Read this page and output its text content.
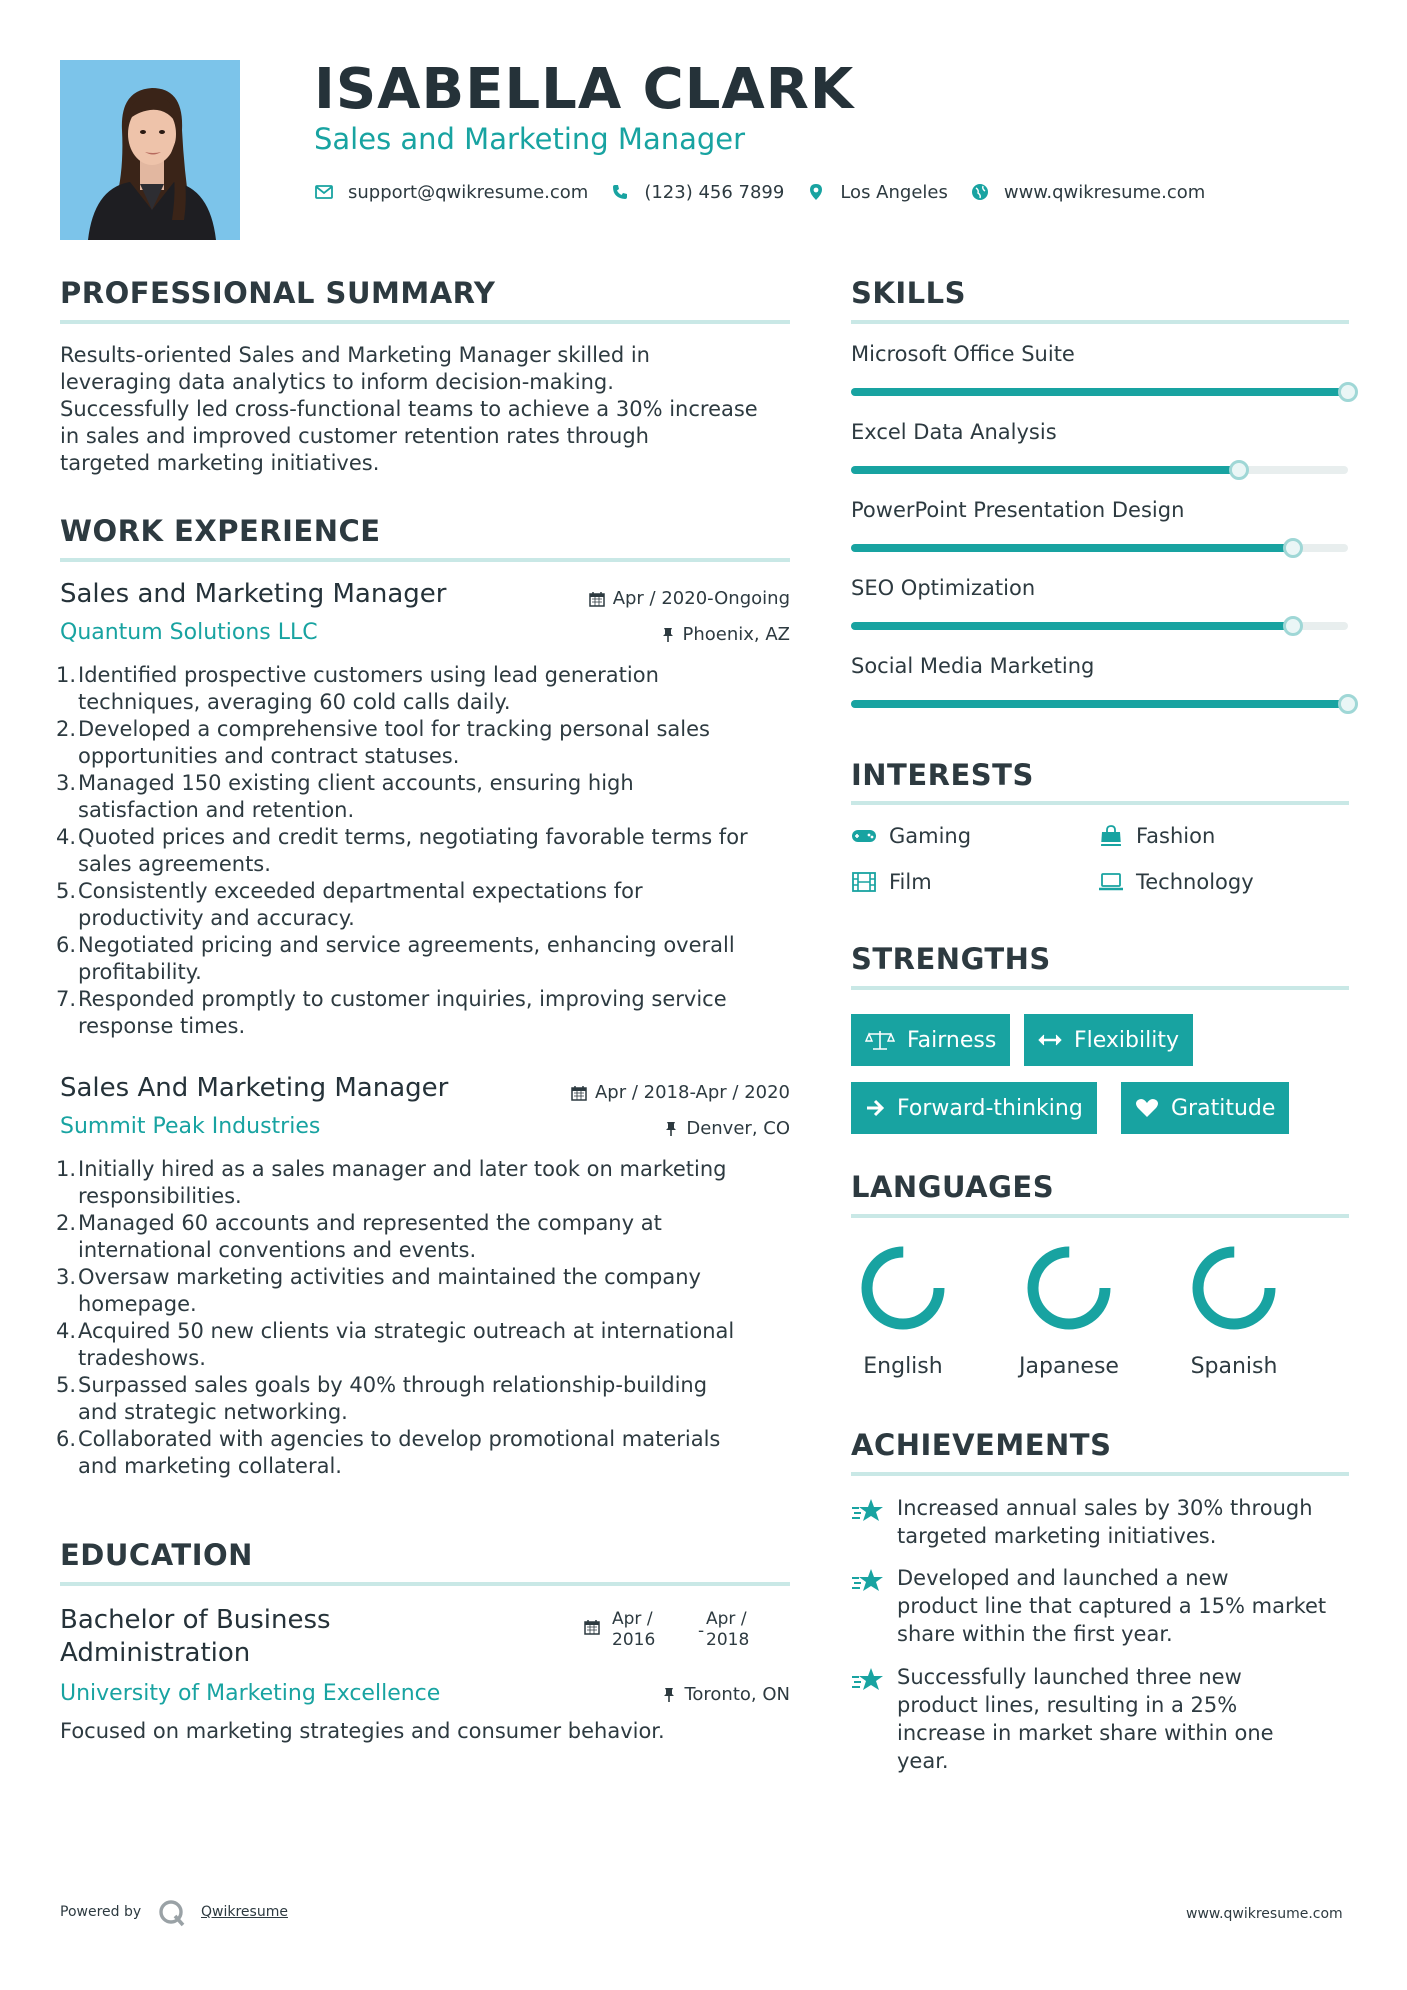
ISABELLA CLARK
Sales and Marketing Manager
support@qwikresume.com	(123) 456 7899	Los Angeles	www.qwikresume.com
PROFESSIONAL SUMMARY
Results-oriented Sales and Marketing Manager skilled in
leveraging data analytics to inform decision-making.
Successfully led cross-functional teams to achieve a 30% increase
in sales and improved customer retention rates through
targeted marketing initiatives.
WORK EXPERIENCE
Sales and Marketing Manager	Apr / 2020-Ongoing
Quantum Solutions LLC	Phoenix, AZ
1. Identified prospective customers using lead generation
techniques, averaging 60 cold calls daily.
2. Developed a comprehensive tool for tracking personal sales
opportunities and contract statuses.
3. Managed 150 existing client accounts, ensuring high
satisfaction and retention.
4. Quoted prices and credit terms, negotiating favorable terms for
sales agreements.
5. Consistently exceeded departmental expectations for
productivity and accuracy.
6. Negotiated pricing and service agreements, enhancing overall
profitability.
7. Responded promptly to customer inquiries, improving service
response times.
Sales And Marketing Manager	Apr / 2018-Apr / 2020
Summit Peak Industries	Denver, CO
1. Initially hired as a sales manager and later took on marketing
responsibilities.
2. Managed 60 accounts and represented the company at
international conventions and events.
3. Oversaw marketing activities and maintained the company
homepage.
4. Acquired 50 new clients via strategic outreach at international
tradeshows.
5. Surpassed sales goals by 40% through relationship-building
and strategic networking.
6. Collaborated with agencies to develop promotional materials
and marketing collateral.
EDUCATION
Bachelor of Business
Administration
Apr /
2016	-
Apr /
2018
University of Marketing Excellence	Toronto, ON
Focused on marketing strategies and consumer behavior.
SKILLS
Microsoft Office Suite
Excel Data Analysis
PowerPoint Presentation Design
SEO Optimization
Social Media Marketing
INTERESTS
Gaming	Fashion
Film	Technology
STRENGTHS
Fairness	Flexibility
Forward-thinking	Gratitude
LANGUAGES
English	Japanese	Spanish
ACHIEVEMENTS
Increased annual sales by 30% through
targeted marketing initiatives.
Developed and launched a new
product line that captured a 15% market
share within the first year.
Successfully launched three new
product lines, resulting in a 25%
increase in market share within one
year.
Powered by	Qwikresume	www.qwikresume.com
